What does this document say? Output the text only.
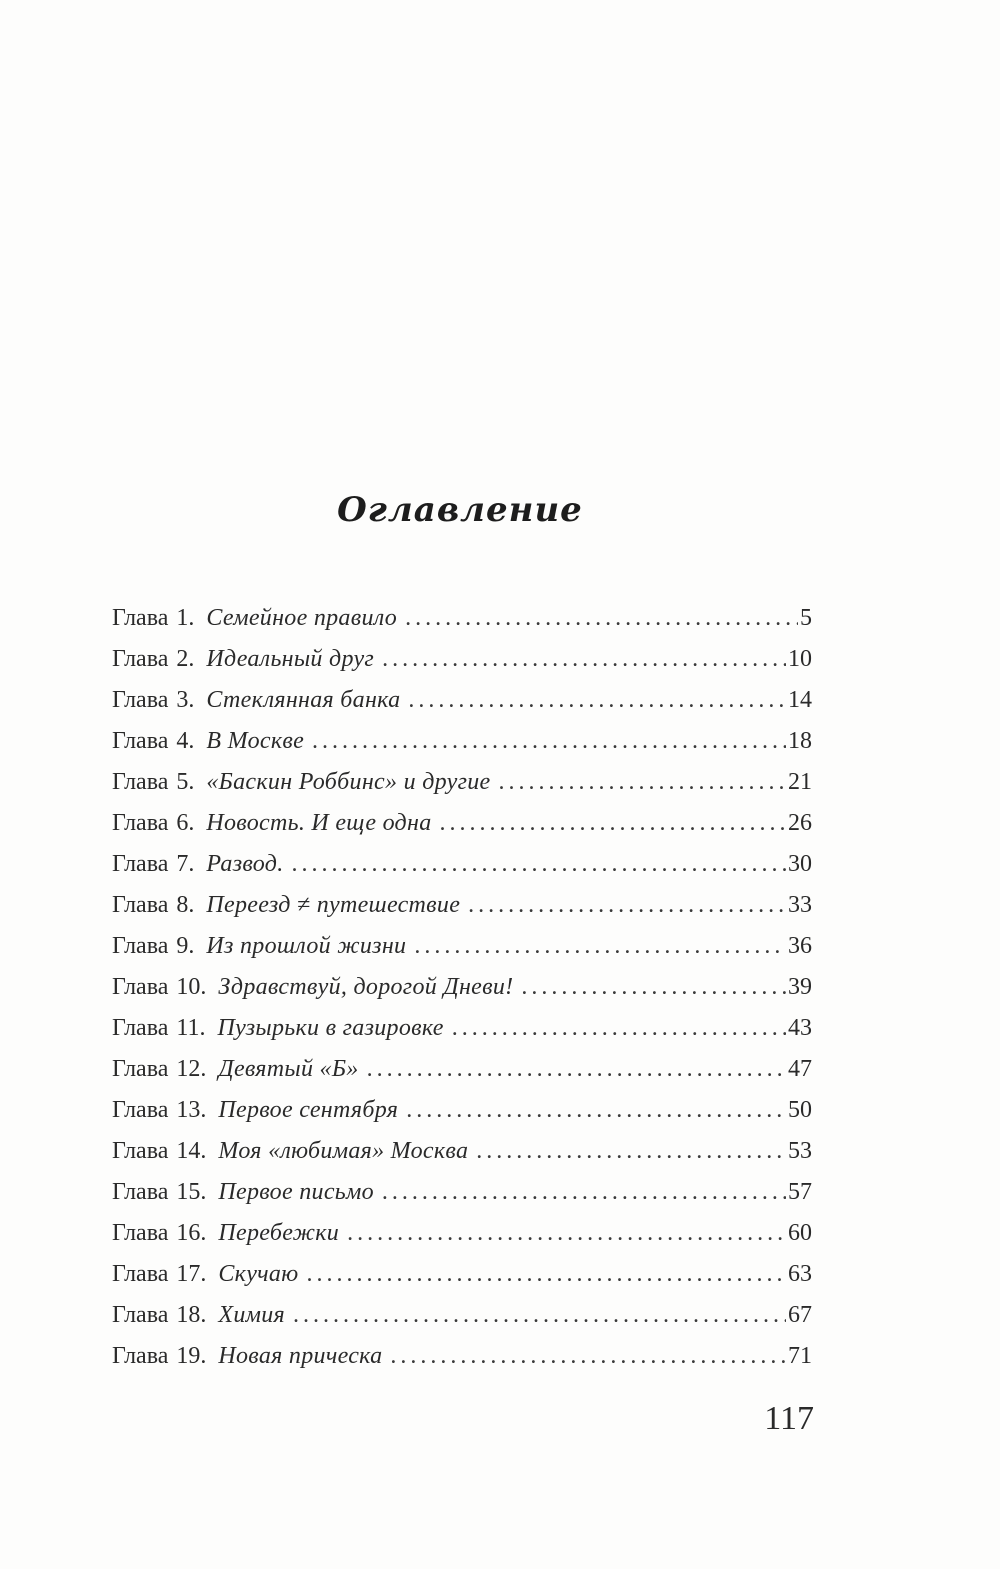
Оглавление
Глава 1. Семейное правило . . .	5
Глава 2. Идеальный друг . . .	10
Глава 3. Стеклянная банка . . .	14
Глава 4. В Москве . . .	18
Глава 5. «Баскин Роббинс» и другие . . .	21
Глава 6. Новость. И еще одна . . .	26
Глава 7. Развод. . . .	30
Глава 8. Переезд ≠ путешествие . . .	33
Глава 9. Из прошлой жизни . . .	36
Глава 10. Здравствуй, дорогой Дневи! . . .	39
Глава 11. Пузырьки в газировке . . .	43
Глава 12. Девятый «Б» . . .	47
Глава 13. Первое сентября . . .	50
Глава 14. Моя «любимая» Москва . . .	53
Глава 15. Первое письмо . . .	57
Глава 16. Перебежки . . .	60
Глава 17. Скучаю . . .	63
Глава 18. Химия . . .	67
Глава 19. Новая прическа . . .	71
117
